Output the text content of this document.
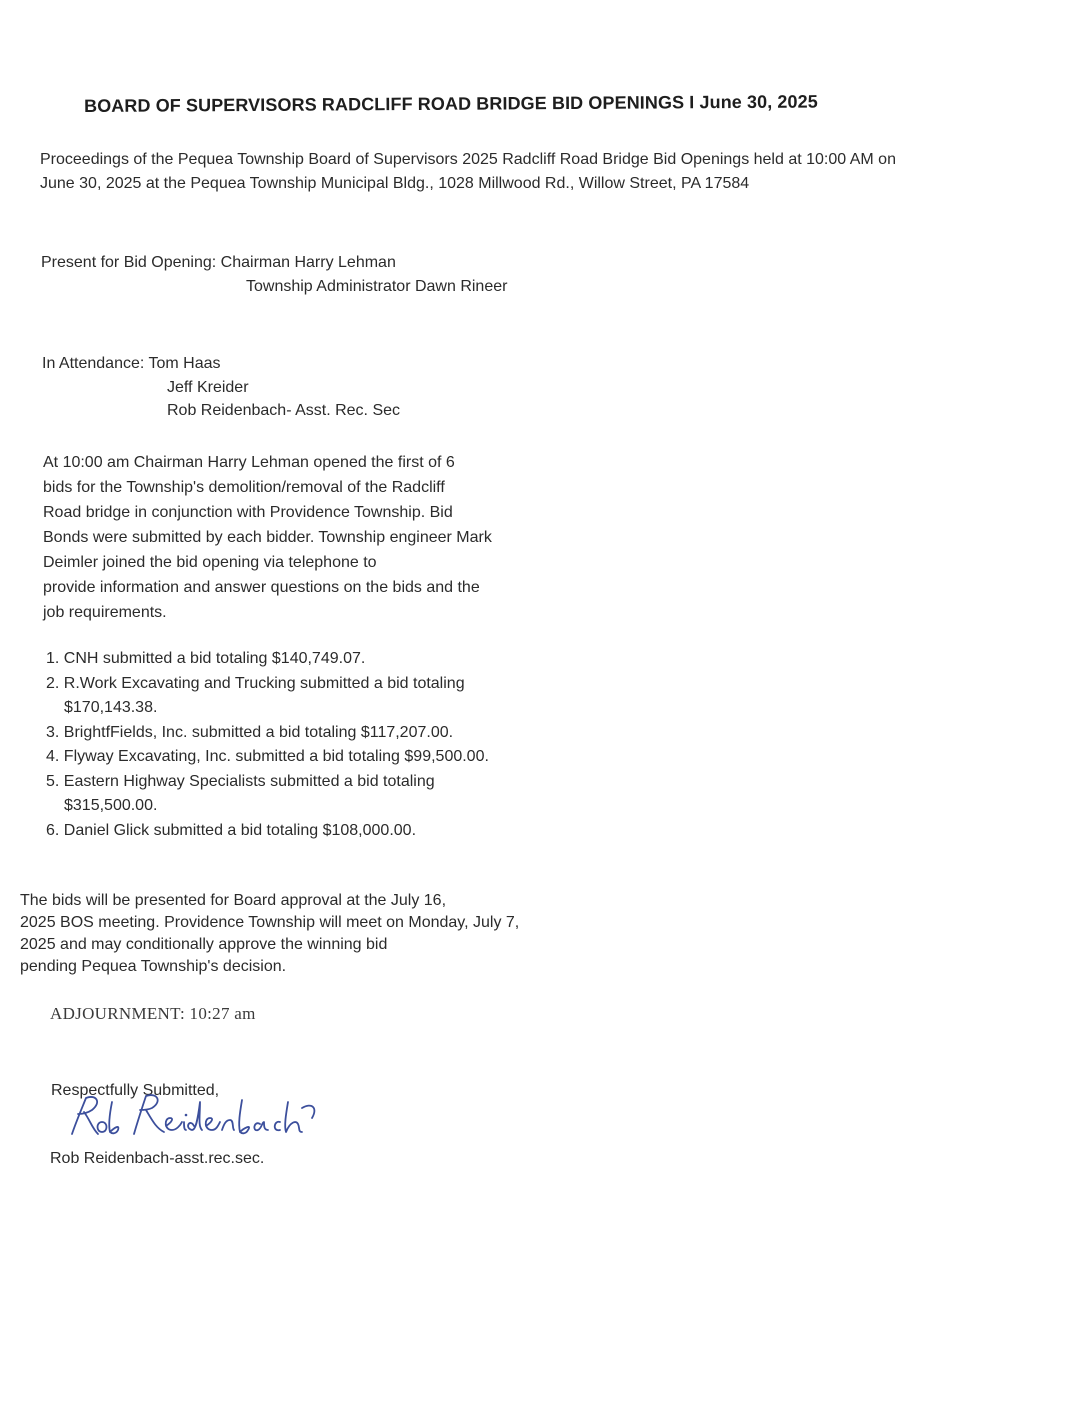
BOARD OF SUPERVISORS RADCLIFF ROAD BRIDGE BID OPENINGS I June 30, 2025
Proceedings of the Pequea Township Board of Supervisors 2025 Radcliff Road Bridge Bid Openings held at 10:00 AM on June 30, 2025 at the Pequea Township Municipal Bldg., 1028 Millwood Rd., Willow Street, PA 17584
Present for Bid Opening: Chairman Harry Lehman
Township Administrator Dawn Rineer
In Attendance: Tom Haas
Jeff Kreider
Rob Reidenbach- Asst. Rec. Sec
At 10:00 am Chairman Harry Lehman opened the first of 6
bids for the Township's demolition/removal of the Radcliff
Road bridge in conjunction with Providence Township. Bid
Bonds were submitted by each bidder. Township engineer Mark
Deimler joined the bid opening via telephone to
provide information and answer questions on the bids and the
job requirements.
1. CNH submitted a bid totaling $140,749.07.
2. R.Work Excavating and Trucking submitted a bid totaling
$170,143.38.
3. BrightfFields, Inc. submitted a bid totaling $117,207.00.
4. Flyway Excavating, Inc. submitted a bid totaling $99,500.00.
5. Eastern Highway Specialists submitted a bid totaling
$315,500.00.
6. Daniel Glick submitted a bid totaling $108,000.00.
The bids will be presented for Board approval at the July 16,
2025 BOS meeting. Providence Township will meet on Monday, July 7,
2025 and may conditionally approve the winning bid
pending Pequea Township's decision.
ADJOURNMENT: 10:27 am
Respectfully Submitted,
Rob Reidenbach-asst.rec.sec.
